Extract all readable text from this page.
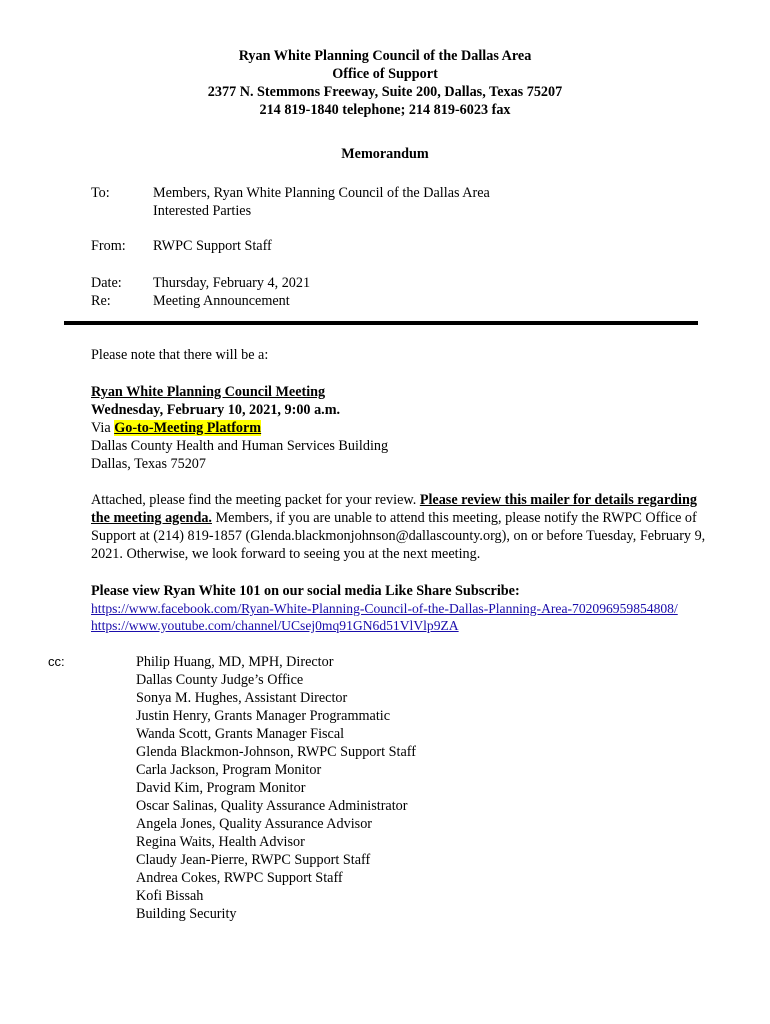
Ryan White Planning Council of the Dallas Area
Office of Support
2377 N. Stemmons Freeway, Suite 200, Dallas, Texas 75207
214 819-1840 telephone; 214 819-6023 fax
Memorandum
To:	Members, Ryan White Planning Council of the Dallas Area
Interested Parties
From: RWPC Support Staff
Date: Thursday, February 4, 2021
Re:	Meeting Announcement
Please note that there will be a:
Ryan White Planning Council Meeting
Wednesday, February 10, 2021, 9:00 a.m.
Via Go-to-Meeting Platform
Dallas County Health and Human Services Building
Dallas, Texas 75207
Attached, please find the meeting packet for your review. Please review this mailer for details regarding the meeting agenda. Members, if you are unable to attend this meeting, please notify the RWPC Office of Support at (214) 819-1857 (Glenda.blackmonjohnson@dallascounty.org), on or before Tuesday, February 9, 2021. Otherwise, we look forward to seeing you at the next meeting.
Please view Ryan White 101 on our social media Like Share Subscribe:
https://www.facebook.com/Ryan-White-Planning-Council-of-the-Dallas-Planning-Area-702096959854808/
https://www.youtube.com/channel/UCsej0mq91GN6d51VlVlp9ZA
cc:	Philip Huang, MD, MPH, Director
Dallas County Judge’s Office
Sonya M. Hughes, Assistant Director
Justin Henry, Grants Manager Programmatic
Wanda Scott, Grants Manager Fiscal
Glenda Blackmon-Johnson, RWPC Support Staff
Carla Jackson, Program Monitor
David Kim, Program Monitor
Oscar Salinas, Quality Assurance Administrator
Angela Jones, Quality Assurance Advisor
Regina Waits, Health Advisor
Claudy Jean-Pierre, RWPC Support Staff
Andrea Cokes, RWPC Support Staff
Kofi Bissah
Building Security
